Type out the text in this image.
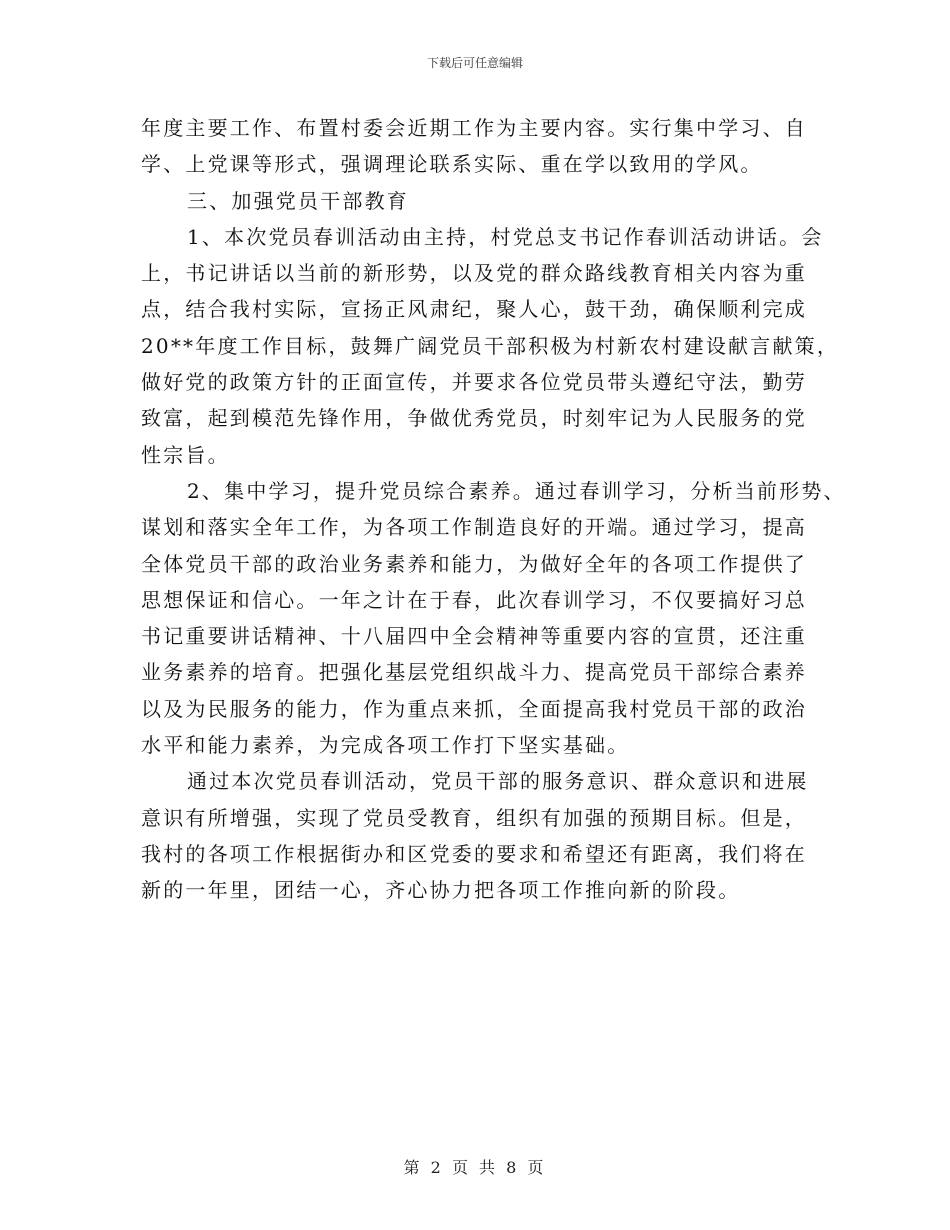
下载后可任意编辑
年度主要工作、布置村委会近期工作为主要内容。实行集中学习、自
学、上党课等形式，强调理论联系实际、重在学以致用的学风。
三、加强党员干部教育
1、本次党员春训活动由主持，村党总支书记作春训活动讲话。会
上，书记讲话以当前的新形势，以及党的群众路线教育相关内容为重
点，结合我村实际，宣扬正风肃纪，聚人心，鼓干劲，确保顺利完成
20**年度工作目标，鼓舞广阔党员干部积极为村新农村建设献言献策，
做好党的政策方针的正面宣传，并要求各位党员带头遵纪守法，勤劳
致富，起到模范先锋作用，争做优秀党员，时刻牢记为人民服务的党
性宗旨。
2、集中学习，提升党员综合素养。通过春训学习，分析当前形势、
谋划和落实全年工作，为各项工作制造良好的开端。通过学习，提高
全体党员干部的政治业务素养和能力，为做好全年的各项工作提供了
思想保证和信心。一年之计在于春，此次春训学习，不仅要搞好习总
书记重要讲话精神、十八届四中全会精神等重要内容的宣贯，还注重
业务素养的培育。把强化基层党组织战斗力、提高党员干部综合素养
以及为民服务的能力，作为重点来抓，全面提高我村党员干部的政治
水平和能力素养，为完成各项工作打下坚实基础。
通过本次党员春训活动，党员干部的服务意识、群众意识和进展
意识有所增强，实现了党员受教育，组织有加强的预期目标。但是，
我村的各项工作根据街办和区党委的要求和希望还有距离，我们将在
新的一年里，团结一心，齐心协力把各项工作推向新的阶段。
第 2 页 共 8 页
